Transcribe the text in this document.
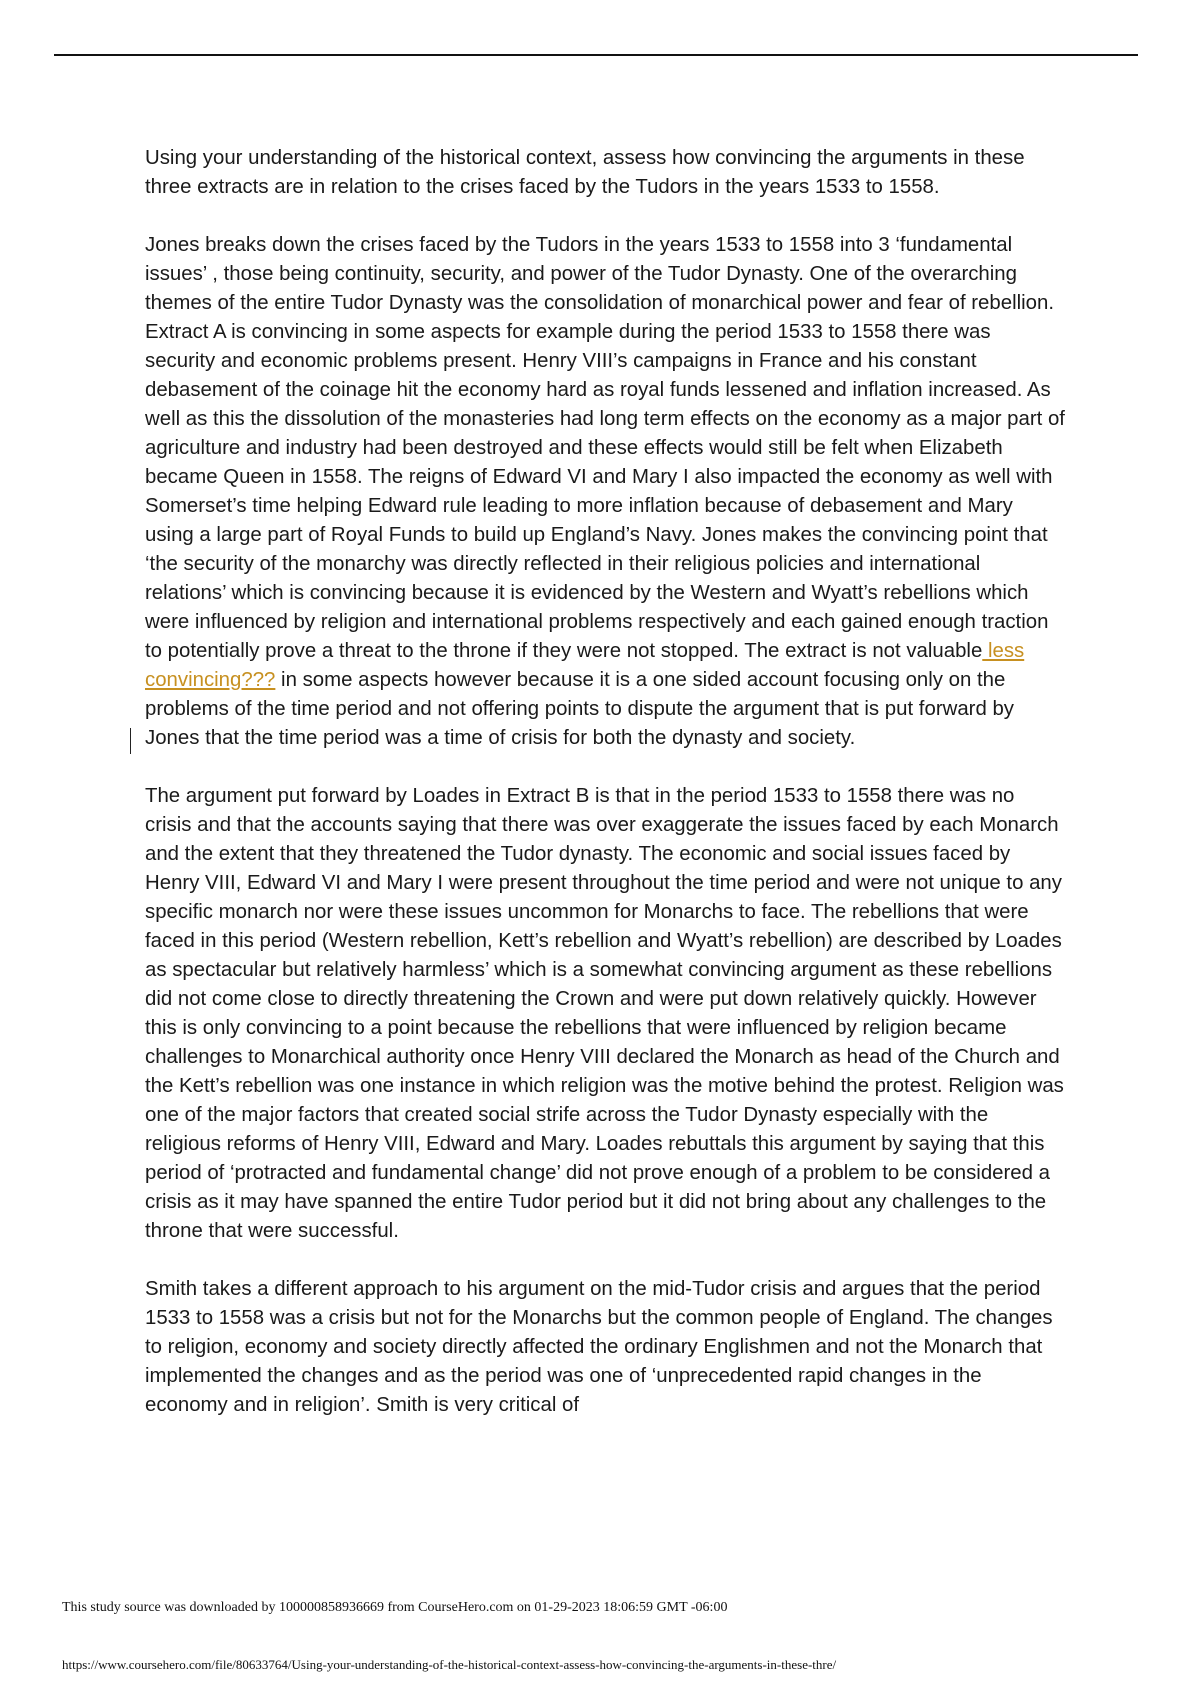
Using your understanding of the historical context, assess how convincing the arguments in these three extracts are in relation to the crises faced by the Tudors in the years 1533 to 1558.

Jones breaks down the crises faced by the Tudors in the years 1533 to 1558 into 3 ‘fundamental issues’ , those being continuity, security, and power of the Tudor Dynasty. One of the overarching themes of the entire Tudor Dynasty was the consolidation of monarchical power and fear of rebellion. Extract A is convincing in some aspects for example during the period 1533 to 1558 there was security and economic problems present. Henry VIII’s campaigns in France and his constant debasement of the coinage hit the economy hard as royal funds lessened and inflation increased. As well as this the dissolution of the monasteries had long term effects on the economy as a major part of agriculture and industry had been destroyed and these effects would still be felt when Elizabeth became Queen in 1558. The reigns of Edward VI and Mary I also impacted the economy as well with Somerset’s time helping Edward rule leading to more inflation because of debasement and Mary using a large part of Royal Funds to build up England’s Navy. Jones makes the convincing point that ‘the security of the monarchy was directly reflected in their religious policies and international relations’ which is convincing because it is evidenced by the Western and Wyatt’s rebellions which were influenced by religion and international problems respectively and each gained enough traction to potentially prove a threat to the throne if they were not stopped. The extract is not valuable less convincing??? in some aspects however because it is a one sided account focusing only on the problems of the time period and not offering points to dispute the argument that is put forward by Jones that the time period was a time of crisis for both the dynasty and society.

The argument put forward by Loades in Extract B is that in the period 1533 to 1558 there was no crisis and that the accounts saying that there was over exaggerate the issues faced by each Monarch and the extent that they threatened the Tudor dynasty. The economic and social issues faced by Henry VIII, Edward VI and Mary I were present throughout the time period and were not unique to any specific monarch nor were these issues uncommon for Monarchs to face. The rebellions that were faced in this period (Western rebellion, Kett’s rebellion and Wyatt’s rebellion) are described by Loades as spectacular but relatively harmless’ which is a somewhat convincing argument as these rebellions did not come close to directly threatening the Crown and were put down relatively quickly. However this is only convincing to a point because the rebellions that were influenced by religion became challenges to Monarchical authority once Henry VIII declared the Monarch as head of the Church and the Kett’s rebellion was one instance in which religion was the motive behind the protest. Religion was one of the major factors that created social strife across the Tudor Dynasty especially with the religious reforms of Henry VIII, Edward and Mary. Loades rebuttals this argument by saying that this period of ‘protracted and fundamental change’ did not prove enough of a problem to be considered a crisis as it may have spanned the entire Tudor period but it did not bring about any challenges to the throne that were successful.

Smith takes a different approach to his argument on the mid-Tudor crisis and argues that the period 1533 to 1558 was a crisis but not for the Monarchs but the common people of England. The changes to religion, economy and society directly affected the ordinary Englishmen and not the Monarch that implemented the changes and as the period was one of ‘unprecedented rapid changes in the economy and in religion’. Smith is very critical of

This study source was downloaded by 100000858936669 from CourseHero.com on 01-29-2023 18:06:59 GMT -06:00
https://www.coursehero.com/file/80633764/Using-your-understanding-of-the-historical-context-assess-how-convincing-the-arguments-in-these-thre/
